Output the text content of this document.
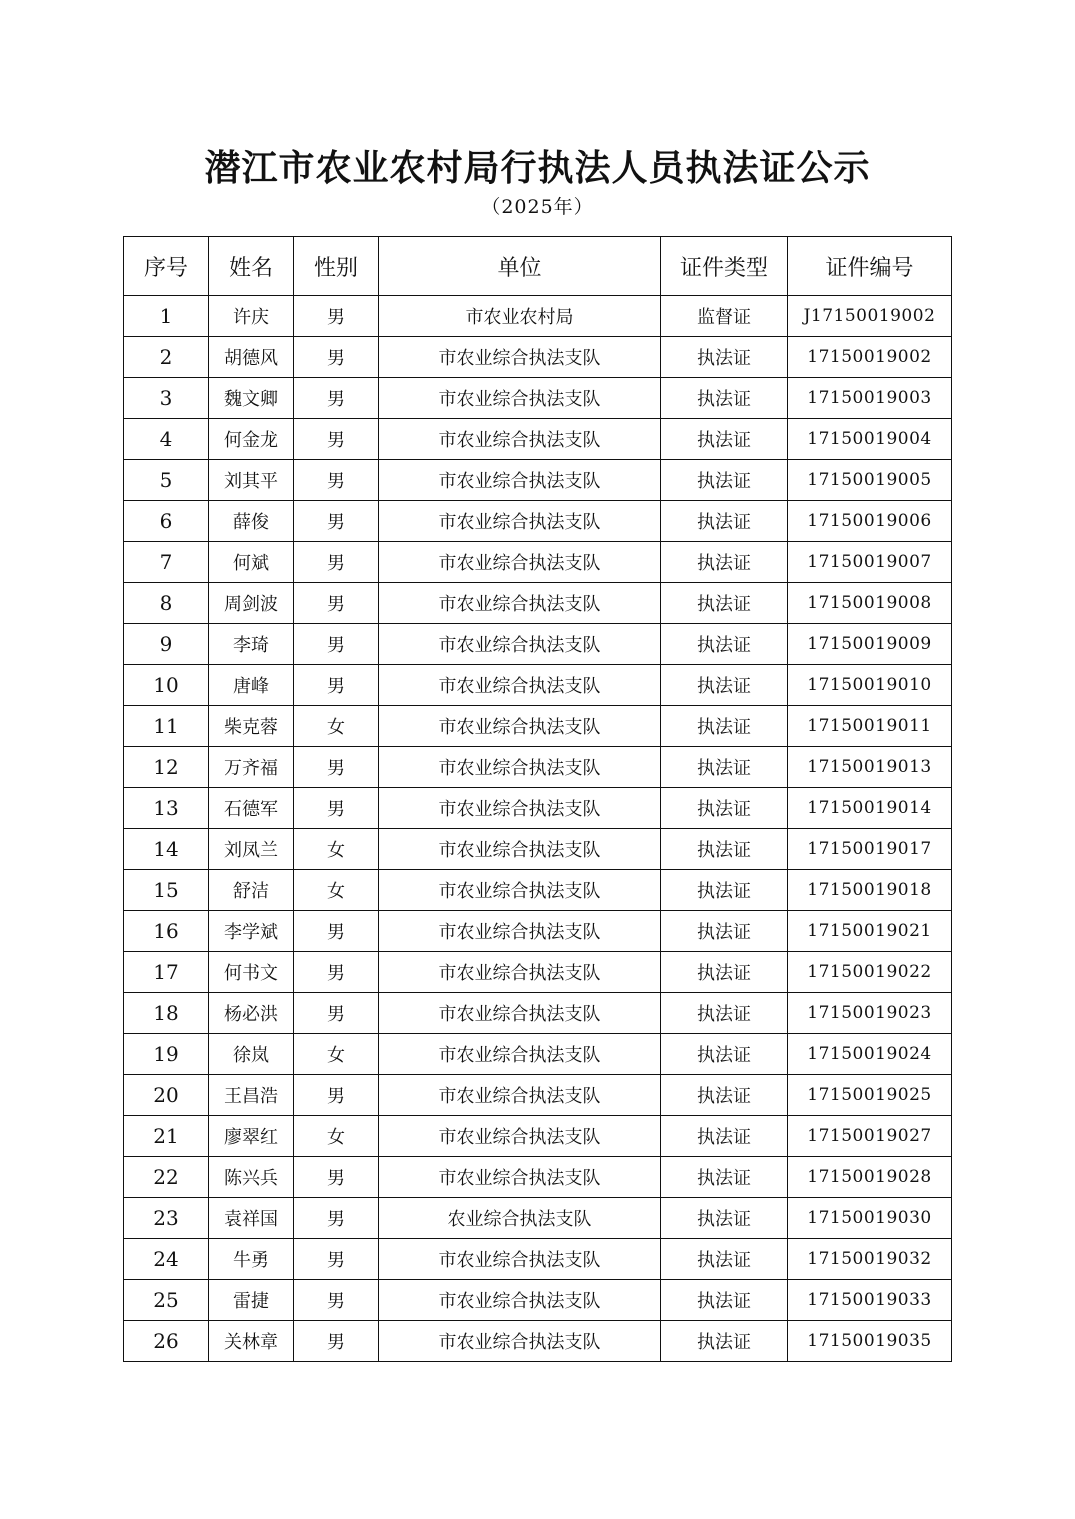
潜江市农业农村局行执法人员执法证公示
（2025年）
序号	姓名	性别	单位	证件类型	证件编号
1	许庆	男	市农业农村局	监督证	J17150019002
2	胡德风	男	市农业综合执法支队	执法证	17150019002
3	魏文卿	男	市农业综合执法支队	执法证	17150019003
4	何金龙	男	市农业综合执法支队	执法证	17150019004
5	刘其平	男	市农业综合执法支队	执法证	17150019005
6	薛俊	男	市农业综合执法支队	执法证	17150019006
7	何斌	男	市农业综合执法支队	执法证	17150019007
8	周剑波	男	市农业综合执法支队	执法证	17150019008
9	李琦	男	市农业综合执法支队	执法证	17150019009
10	唐峰	男	市农业综合执法支队	执法证	17150019010
11	柴克蓉	女	市农业综合执法支队	执法证	17150019011
12	万齐福	男	市农业综合执法支队	执法证	17150019013
13	石德军	男	市农业综合执法支队	执法证	17150019014
14	刘凤兰	女	市农业综合执法支队	执法证	17150019017
15	舒洁	女	市农业综合执法支队	执法证	17150019018
16	李学斌	男	市农业综合执法支队	执法证	17150019021
17	何书文	男	市农业综合执法支队	执法证	17150019022
18	杨必洪	男	市农业综合执法支队	执法证	17150019023
19	徐岚	女	市农业综合执法支队	执法证	17150019024
20	王昌浩	男	市农业综合执法支队	执法证	17150019025
21	廖翠红	女	市农业综合执法支队	执法证	17150019027
22	陈兴兵	男	市农业综合执法支队	执法证	17150019028
23	袁祥国	男	农业综合执法支队	执法证	17150019030
24	牛勇	男	市农业综合执法支队	执法证	17150019032
25	雷捷	男	市农业综合执法支队	执法证	17150019033
26	关林章	男	市农业综合执法支队	执法证	17150019035
